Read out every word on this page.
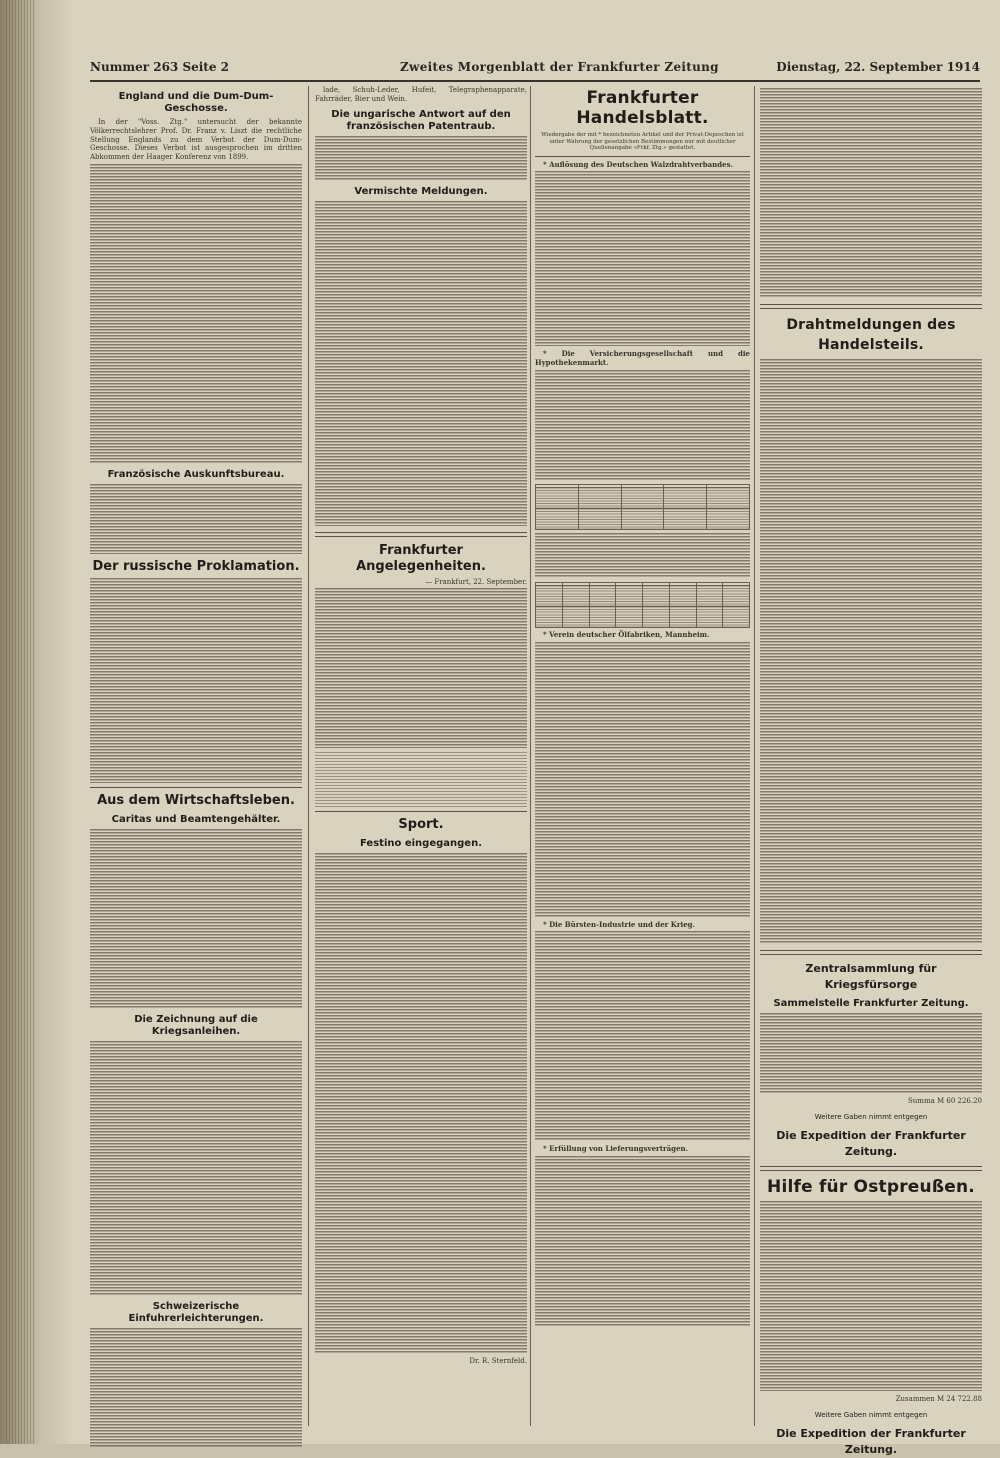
Nummer 263 Seite 2	Zweites Morgenblatt der Frankfurter Zeitung	Dienstag, 22. September 1914
England und die Dum-Dum-Geschosse.

In der "Voss. Ztg." untersucht der bekannte Völkerrechtslehrer Prof. Dr. Franz v. Liszt die rechtliche Stellung Englands zu dem Verbot der Dum-Dum-Geschosse. Dieses Verbot ist ausgesprochen im dritten Abkommen der Haager Konferenz von 1899.

Französische Auskunftsbureau.
Der russische Proklamation.
Aus dem Wirtschaftsleben.
Caritas und Beamtengehälter.
Die Zeichnung auf die Kriegsanleihen.
Schweizerische Einfuhrerleichterungen.

lade, Schuh-Leder, Hufeit, Telegraphenapparate, Fahrräder, Bier und Wein.

Die ungarische Antwort auf den französischen Patentraub.
Vermischte Meldungen.
Frankfurter Angelegenheiten.
— Frankfurt, 22. September.
Sport.
Festino eingegangen.
Dr. R. Sternfeld.
Frankfurter Handelsblatt.

Wiedergabe der mit * bezeichneten Artikel und der Privat-Depeschen ist unter Wahrung der gesetzlichen Bestimmungen nur mit deutlicher Quellenangabe »Frkf. Ztg.« gestattet.

* Auflösung des Deutschen Walzdrahtverbandes.

* Die Versicherungsgesellschaft und die Hypothekenmarkt.

* Verein deutscher Ölfabriken, Mannheim.

* Die Bürsten-Industrie und der Krieg.

* Erfüllung von Lieferungsverträgen.

Drahtmeldungen des Handelsteils.
Zentralsammlung für Kriegsfürsorge
Sammelstelle Frankfurter Zeitung.
Summa M 60 226.20
Weitere Gaben nimmt entgegen
Die Expedition der Frankfurter Zeitung.
Hilfe für Ostpreußen.
Zusammen M 24 722.88
Weitere Gaben nimmt entgegen
Die Expedition der Frankfurter Zeitung.
